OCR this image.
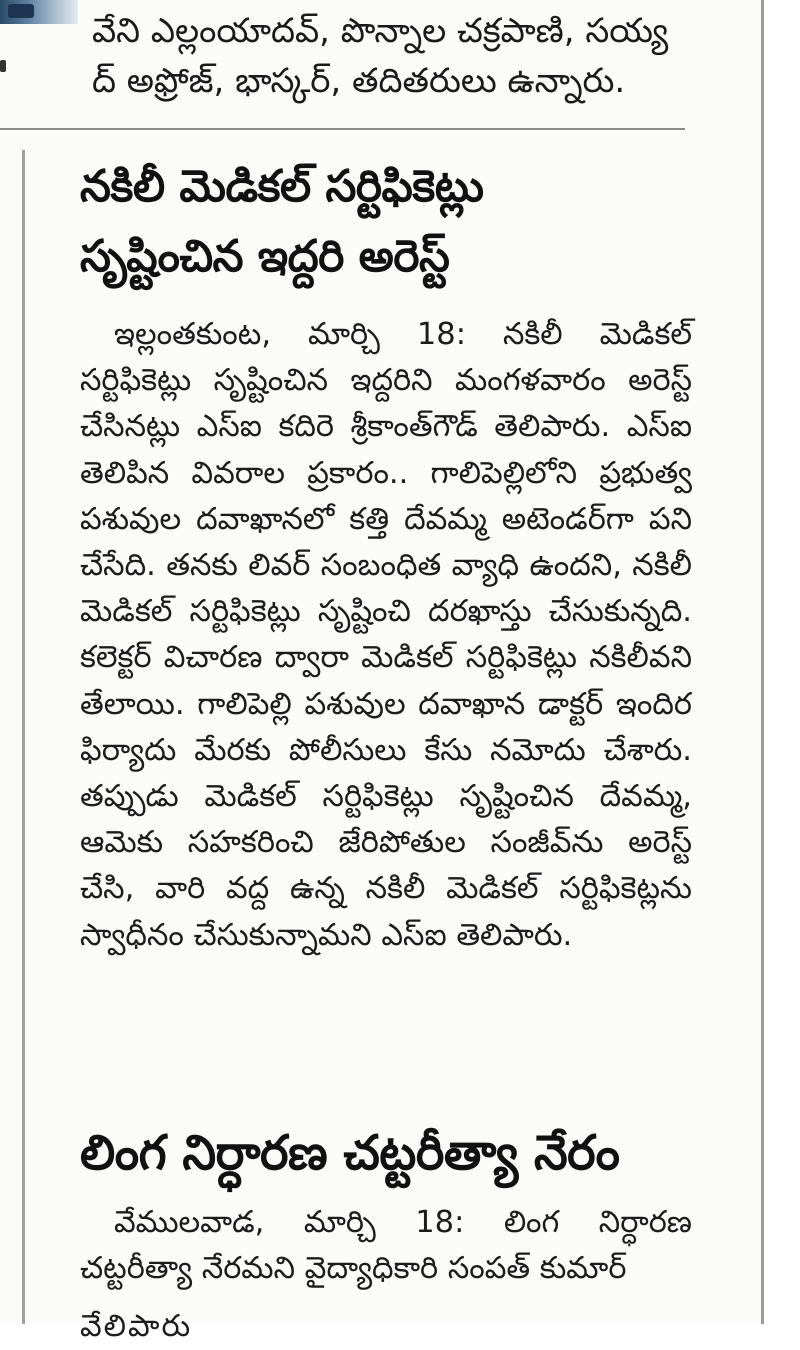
వేని ఎల్లంయాదవ్, పొన్నాల చక్రపాణి, సయ్య
ద్ అఫ్రోజ్, భాస్కర్, తదితరులు ఉన్నారు.
నకిలీ మెడికల్ సర్టిఫికెట్లు
సృష్టించిన ఇద్దరి అరెస్ట్

ఇల్లంతకుంట, మార్చి 18: నకిలీ మెడికల్ సర్టిఫికెట్లు సృష్టించిన ఇద్దరిని మంగళవారం అరెస్ట్ చేసినట్లు ఎస్ఐ కదిరె శ్రీకాంత్‌గౌడ్ తెలిపారు. ఎస్ఐ తెలిపిన వివరాల ప్రకారం.. గాలిపెల్లిలోని ప్రభుత్వ పశువుల దవాఖానలో కత్తి దేవమ్మ అటెండర్‌గా పని చేసేది. తనకు లివర్ సంబంధిత వ్యాధి ఉందని, నకిలీ మెడికల్ సర్టిఫికెట్లు సృష్టించి దరఖాస్తు చేసుకున్నది. కలెక్టర్ విచారణ ద్వారా మెడికల్ సర్టిఫికెట్లు నకిలీవని తేలాయి. గాలిపెల్లి పశువుల దవాఖాన డాక్టర్ ఇందిర ఫిర్యాదు మేరకు పోలీసులు కేసు నమోదు చేశారు. తప్పుడు మెడికల్ సర్టిఫికెట్లు సృష్టించిన దేవమ్మ, ఆమెకు సహకరించి జేరిపోతుల సంజీవ్‌ను అరెస్ట్ చేసి, వారి వద్ద ఉన్న నకిలీ మెడికల్ సర్టిఫికెట్లను స్వాధీనం చేసుకున్నామని ఎస్ఐ తెలిపారు.

లింగ నిర్ధారణ చట్టరీత్యా నేరం

వేములవాడ, మార్చి 18: లింగ నిర్ధారణ చట్టరీత్యా నేరమని వైద్యాధికారి సంపత్ కుమార్

వేలిపారు
